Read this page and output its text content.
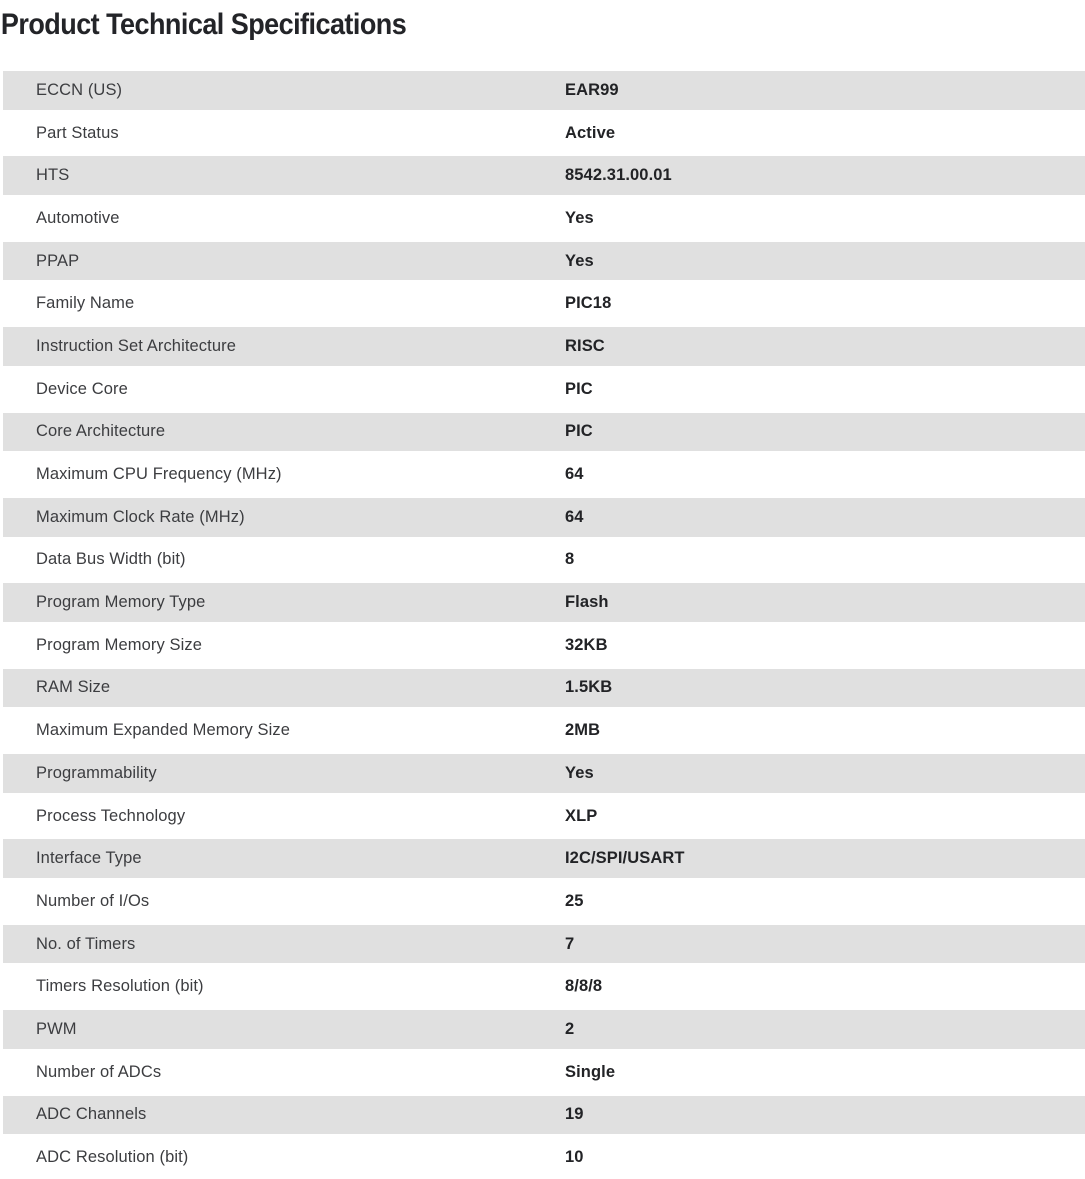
Product Technical Specifications
ECCN (US)	EAR99
Part Status	Active
HTS	8542.31.00.01
Automotive	Yes
PPAP	Yes
Family Name	PIC18
Instruction Set Architecture	RISC
Device Core	PIC
Core Architecture	PIC
Maximum CPU Frequency (MHz)	64
Maximum Clock Rate (MHz)	64
Data Bus Width (bit)	8
Program Memory Type	Flash
Program Memory Size	32KB
RAM Size	1.5KB
Maximum Expanded Memory Size	2MB
Programmability	Yes
Process Technology	XLP
Interface Type	I2C/SPI/USART
Number of I/Os	25
No. of Timers	7
Timers Resolution (bit)	8/8/8
PWM	2
Number of ADCs	Single
ADC Channels	19
ADC Resolution (bit)	10
